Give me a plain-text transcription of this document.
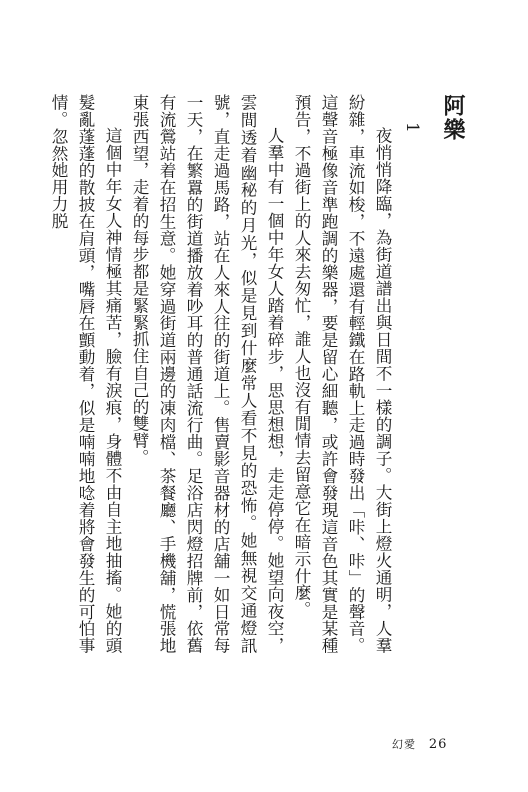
阿樂

1

夜悄悄降臨，為街道譜出與日間不一樣的調子。大街上燈火通明，人羣紛雜，車流如梭，不遠處還有輕鐵在路軌上走過時發出「咔、咔」的聲音。這聲音極像音準跑調的樂器，要是留心細聽，或許會發現這音色其實是某種預告，不過街上的人來去匆忙，誰人也沒有閒情去留意它在暗示什麼。

人羣中有一個中年女人踏着碎步，思思想想，走走停停。她望向夜空，雲間透着幽秘的月光，似是見到什麼常人看不見的恐怖。她無視交通燈訊號，直走過馬路，站在人來人往的街道上。售賣影音器材的店舖一如日常每一天，在繁囂的街道播放着吵耳的普通話流行曲。足浴店閃燈招牌前，依舊有流鶯站着在招生意。她穿過街道兩邊的凍肉檔、茶餐廳、手機舖，慌張地東張西望，走着的每步都是緊緊抓住自己的雙臂。

這個中年女人神情極其痛苦，臉有淚痕，身體不由自主地抽搐。她的頭髮亂蓬蓬的散披在肩頭，嘴唇在顫動着，似是喃喃地唸着將會發生的可怕事情。忽然她用力脱

幻愛 26
